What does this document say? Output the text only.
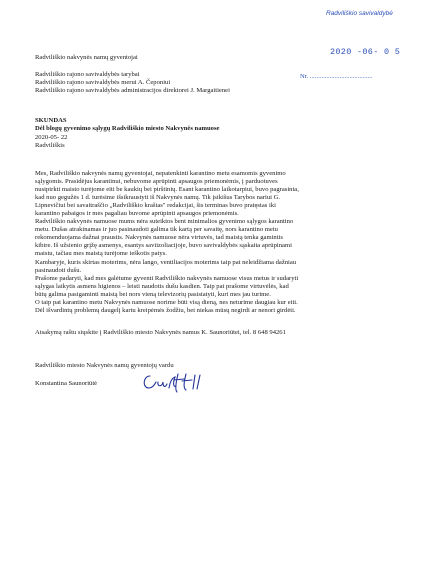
Radviliškio savivaldybė
2020 -06- 0 5
Nr. ......................................
Radviliškio nakvynės namų gyventojai
Radviliškio rajono savivaldybės tarybai
Radviliškio rajono savivaldybės merui A. Čeponiui
Radviliškio rajono savivaldybės administracijos direktorei J. Margaitienei
SKUNDAS
Dėl blogų gyvenimo sąlygų Radviliškio miesto Nakvynės namuose
2020-05- 22
Radviliškis

Mes, Radviliškio nakvynės namų gyventojai, nepatenkinti karantino metu esamomis gyvenimo

sąlygomis. Prasidėjus karantinui, nebuvome aprūpinti apsaugos priemonėmis, į parduotuves

nusipirkti maisto turėjome eiti be kaukių bei pirštinių. Esant karantino laikotarpiui, buvo pagrasinta,

kad nuo gegužės 1 d. turėsime išsikraustyti iš Nakvynės namų. Tik įsikišus Tarybos nariui G.

Lipnevičiui bei savaitraščio „Radviliškio kraštas" redakcijai, šis terminas buvo pratęstas iki

karantino pabaigos ir mes pagaliau buvome aprūpinti apsaugos priemonėmis.

Radviliškio nakvynės namuose mums nėra suteiktos bent minimalios gyvenimo sąlygos karantino

metu. Dušas atrakinamas ir juo pasinaudoti galima tik kartą per savaitę, nors karantino metu

rekomenduojama dažnai praustis. Nakvynės namuose nėra virtuvės, tad maistą tenka gamintis

kibire. Iš užsienio grįžę asmenys, esantys saviizoliacijoje, buvo savivaldybės sąskaita aprūpinami

maistu, tačiau mes maistą turėjome ieškotis patys.

Kambaryje, kuris skirtas moterims, nėra lango, ventiliacijos moterims taip pat neleidžiama dažniau

pasinaudoti dušu.

Prašome padaryti, kad mes galėtume gyventi Radviliškio nakvynės namuose visus metus ir sudaryti

sąlygas laikytis asmens higienos – leisti naudotis dušu kasdien. Taip pat prašome virtuvėlės, kad

būtų galima pasigaminti maistą bei nors vieną televizorių pasistatyti, kuri mes jau turime.

O taip pat karantino metu Nakvynės namuose norime būti visą dieną, nes neturime daugiau kur eiti.

Dėl išvardintų problemų daugelį kartu kreipėmės žodžiu, bet niekas mūsų negirdi ar nenori girdėti.

Atsakymą raštu siųskite į Radviliškio miesto Nakvynės namus K. Saunoriūtei, tel. 8 648 94261
Radviliškio miesto Nakvynės namų gyventojų vardu
Konstantina Saunoriūtė
